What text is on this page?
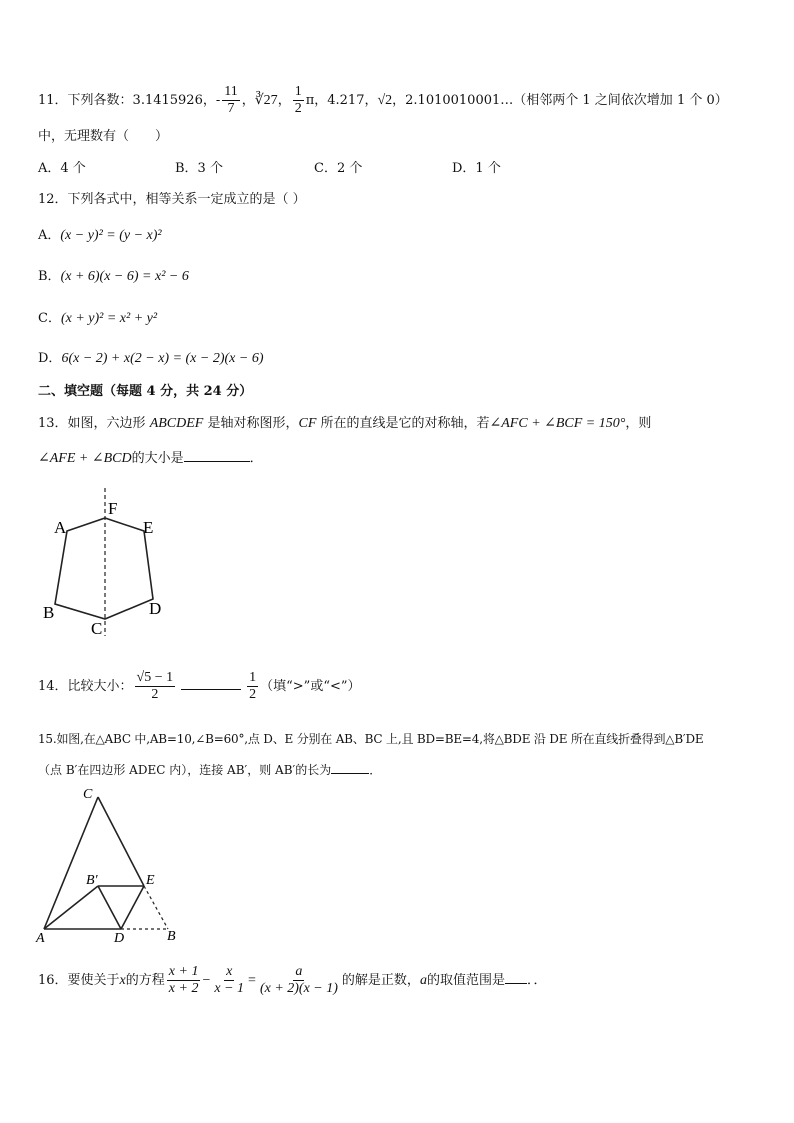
11．下列各数：3.1415926，- $\frac{11}{7}$ ，∛27， $\frac{1}{2}$ π，4.217，√2，2.1010010001…（相邻两个 1 之间依次增加 1 个 0）
中，无理数有（　　）
A．4 个	B．3 个	C．2 个	D．1 个
12．下列各式中，相等关系一定成立的是（ ）
A．(x − y)² = (y − x)²
B．(x + 6)(x − 6) = x² − 6
C．(x + y)² = x² + y²
D．6(x − 2) + x(2 − x) = (x − 2)(x − 6)
二、填空题（每题 4 分，共 24 分）
13．如图，六边形 ABCDEF 是轴对称图形，CF 所在的直线是它的对称轴，若∠AFC + ∠BCF = 150°，则
∠AFE + ∠BCD的大小是	．
A
F
E
B
C
D
14．比较大小： $\frac{√5 - 1}{2}$	$\frac{1}{2}$ （填“>”或“<”）
15.如图,在△ABC 中,AB=10,∠B=60°,点 D、E 分别在 AB、BC 上,且 BD=BE=4,将△BDE 沿 DE 所在直线折叠得到△B′DE
（点 B′在四边形 ADEC 内），连接 AB′，则 AB′的长为	．
C
B′	E
A	D	B
16．要使关于x的方程 $\frac{x + 1}{x + 2} - \frac{x}{x - 1} = \frac{a}{(x + 2)(x - 1)}$ 的解是正数，a的取值范围是 ．．
